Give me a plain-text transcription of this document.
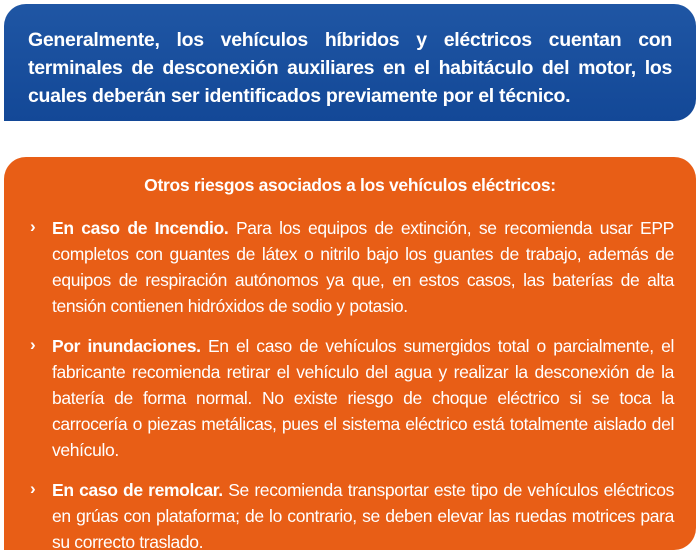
Generalmente, los vehículos híbridos y eléctricos cuentan con terminales de desconexión auxiliares en el habitáculo del motor, los cuales deberán ser identificados previamente por el técnico.
Otros riesgos asociados a los vehículos eléctricos:
› En caso de Incendio. Para los equipos de extinción, se recomienda usar EPP completos con guantes de látex o nitrilo bajo los guantes de trabajo, además de equipos de respiración autónomos ya que, en estos casos, las baterías de alta tensión contienen hidróxidos de sodio y potasio.
› Por inundaciones. En el caso de vehículos sumergidos total o parcialmente, el fabricante recomienda retirar el vehículo del agua y realizar la desconexión de la batería de forma normal. No existe riesgo de choque eléctrico si se toca la carrocería o piezas metálicas, pues el sistema eléctrico está totalmente aislado del vehículo.
› En caso de remolcar. Se recomienda transportar este tipo de vehículos eléctricos en grúas con plataforma; de lo contrario, se deben elevar las ruedas motrices para su correcto traslado.
